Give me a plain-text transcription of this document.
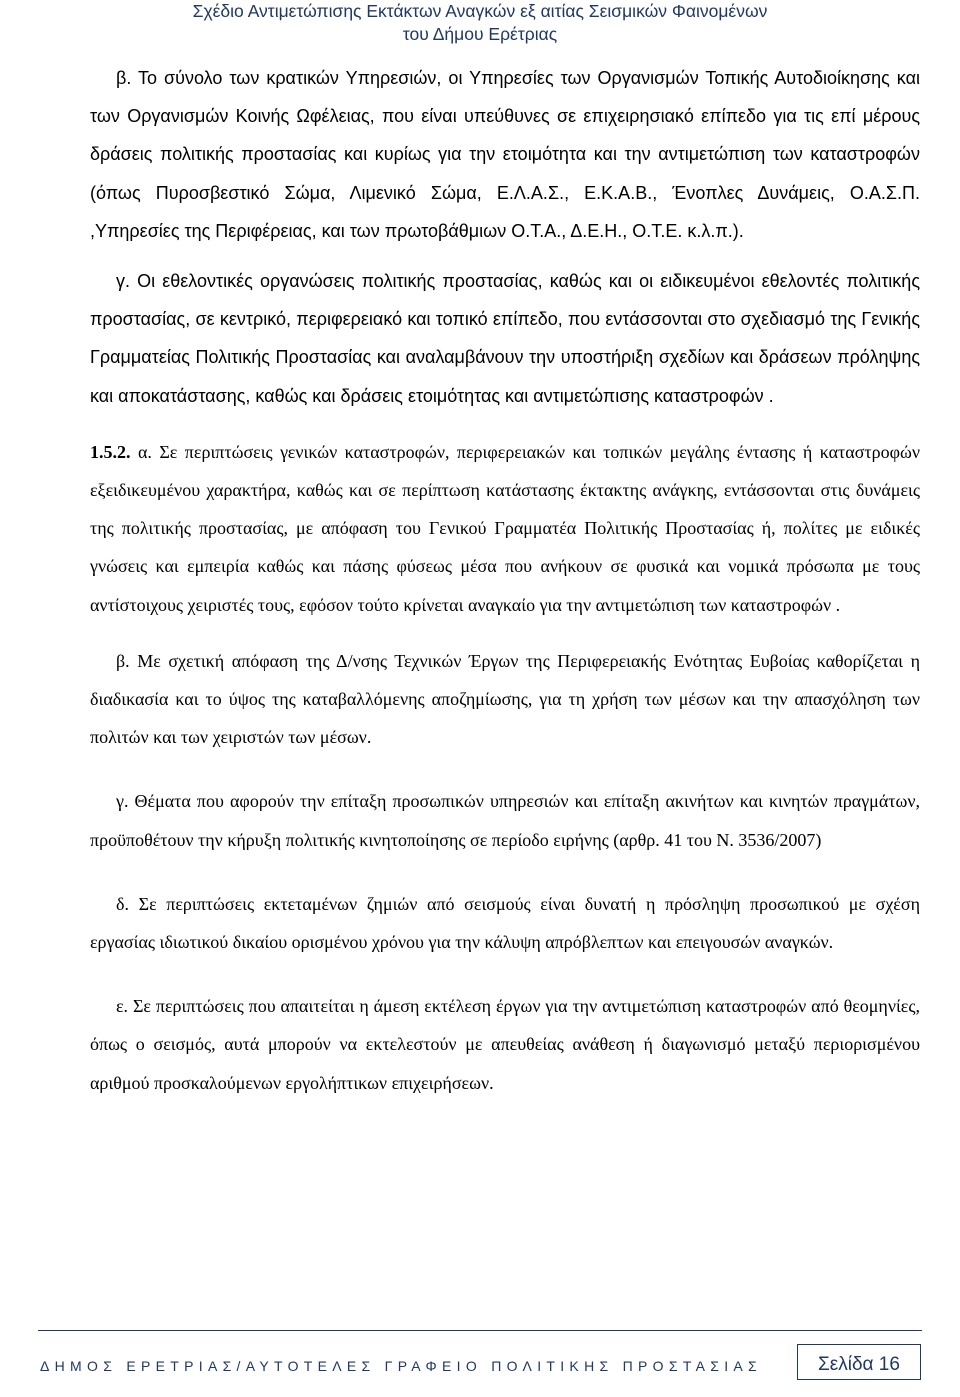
Σχέδιο Αντιμετώπισης Εκτάκτων Αναγκών εξ αιτίας Σεισμικών Φαινομένων
του Δήμου Ερέτριας

β. Το σύνολο των κρατικών Υπηρεσιών, οι Υπηρεσίες των Οργανισμών Τοπικής Αυτοδιοίκησης και των Οργανισμών Κοινής Ωφέλειας, που είναι υπεύθυνες σε επιχειρησιακό επίπεδο για τις επί μέρους δράσεις πολιτικής προστασίας και κυρίως για την ετοιμότητα και την αντιμετώπιση των καταστροφών (όπως Πυροσβεστικό Σώμα, Λιμενικό Σώμα, Ε.Λ.Α.Σ., Ε.Κ.Α.Β., Ένοπλες Δυνάμεις, Ο.Α.Σ.Π. ,Υπηρεσίες της Περιφέρειας, και των πρωτοβάθμιων Ο.Τ.Α., Δ.Ε.Η., Ο.Τ.Ε. κ.λ.π.).

γ. Οι εθελοντικές οργανώσεις πολιτικής προστασίας, καθώς και οι ειδικευμένοι εθελοντές πολιτικής προστασίας, σε κεντρικό, περιφερειακό και τοπικό επίπεδο, που εντάσσονται στο σχεδιασμό της Γενικής Γραμματείας Πολιτικής Προστασίας και αναλαμβάνουν την υποστήριξη σχεδίων και δράσεων πρόληψης και αποκατάστασης, καθώς και δράσεις ετοιμότητας και αντιμετώπισης καταστροφών .

1.5.2. α. Σε περιπτώσεις γενικών καταστροφών, περιφερειακών και τοπικών μεγάλης έντασης ή καταστροφών εξειδικευμένου χαρακτήρα, καθώς και σε περίπτωση κατάστασης έκτακτης ανάγκης, εντάσσονται στις δυνάμεις της πολιτικής προστασίας, με απόφαση του Γενικού Γραμματέα Πολιτικής Προστασίας ή, πολίτες με ειδικές γνώσεις και εμπειρία καθώς και πάσης φύσεως μέσα που ανήκουν σε φυσικά και νομικά πρόσωπα με τους αντίστοιχους χειριστές τους, εφόσον τούτο κρίνεται αναγκαίο για την αντιμετώπιση των καταστροφών .

β. Με σχετική απόφαση της Δ/νσης Τεχνικών Έργων της Περιφερειακής Ενότητας Ευβοίας καθορίζεται η διαδικασία και το ύψος της καταβαλλόμενης αποζημίωσης, για τη χρήση των μέσων και την απασχόληση των πολιτών και των χειριστών των μέσων.

γ. Θέματα που αφορούν την επίταξη προσωπικών υπηρεσιών και επίταξη ακινήτων και κινητών πραγμάτων, προϋποθέτουν την κήρυξη πολιτικής κινητοποίησης σε περίοδο ειρήνης (αρθρ. 41 του Ν. 3536/2007)

δ. Σε περιπτώσεις εκτεταμένων ζημιών από σεισμούς είναι δυνατή η πρόσληψη προσωπικού με σχέση εργασίας ιδιωτικού δικαίου ορισμένου χρόνου για την κάλυψη απρόβλεπτων και επειγουσών αναγκών.

ε. Σε περιπτώσεις που απαιτείται η άμεση εκτέλεση έργων για την αντιμετώπιση καταστροφών από θεομηνίες, όπως ο σεισμός, αυτά μπορούν να εκτελεστούν με απευθείας ανάθεση ή διαγωνισμό μεταξύ περιορισμένου αριθμού προσκαλούμενων εργολήπτικων επιχειρήσεων.

ΔΗΜΟΣ ΕΡΕΤΡΙΑΣ/ΑΥΤΟΤΕΛΕΣ ΓΡΑΦΕΙΟ ΠΟΛΙΤΙΚΗΣ ΠΡΟΣΤΑΣΙΑΣ	Σελίδα 16
